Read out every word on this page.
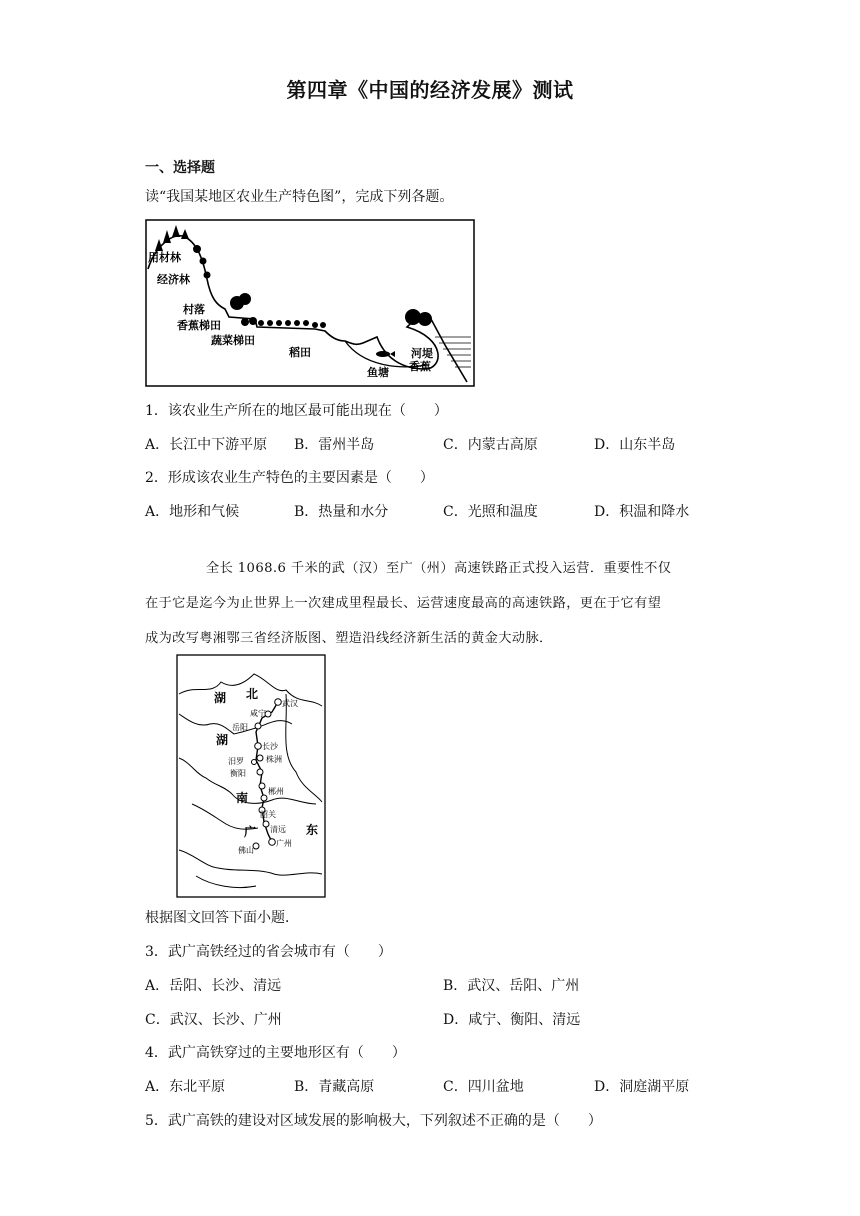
第四章《中国的经济发展》测试
一、选择题
读“我国某地区农业生产特色图”，完成下列各题。
用材林
经济林
村落
香蕉梯田
蔬菜梯田
稻田
鱼塘
河堤
香蕉
1．该农业生产所在的地区最可能出现在（　　）
A．长江中下游平原 B．雷州半岛	C．内蒙古高原	D．山东半岛
2．形成该农业生产特色的主要因素是（　　）
A．地形和气候	B．热量和水分	C．光照和温度	D．积温和降水
全长 1068.6 千米的武（汉）至广（州）高速铁路正式投入运营．重要性不仅
在于它是迄今为止世界上一次建成里程最长、运营速度最高的高速铁路，更在于它有望
成为改写粤湘鄂三省经济版图、塑造沿线经济新生活的黄金大动脉．
湖 北
湖
南
广	东
武汉
咸宁
岳阳
长沙
株洲
汨罗
衡阳
郴州
韶关
清远
广州
佛山
根据图文回答下面小题．
3．武广高铁经过的省会城市有（　　）
A．岳阳、长沙、清远	B．武汉、岳阳、广州
C．武汉、长沙、广州	D．咸宁、衡阳、清远
4．武广高铁穿过的主要地形区有（　　）
A．东北平原	B．青藏高原	C．四川盆地	D．洞庭湖平原
5．武广高铁的建设对区域发展的影响极大，下列叙述不正确的是（　　）
